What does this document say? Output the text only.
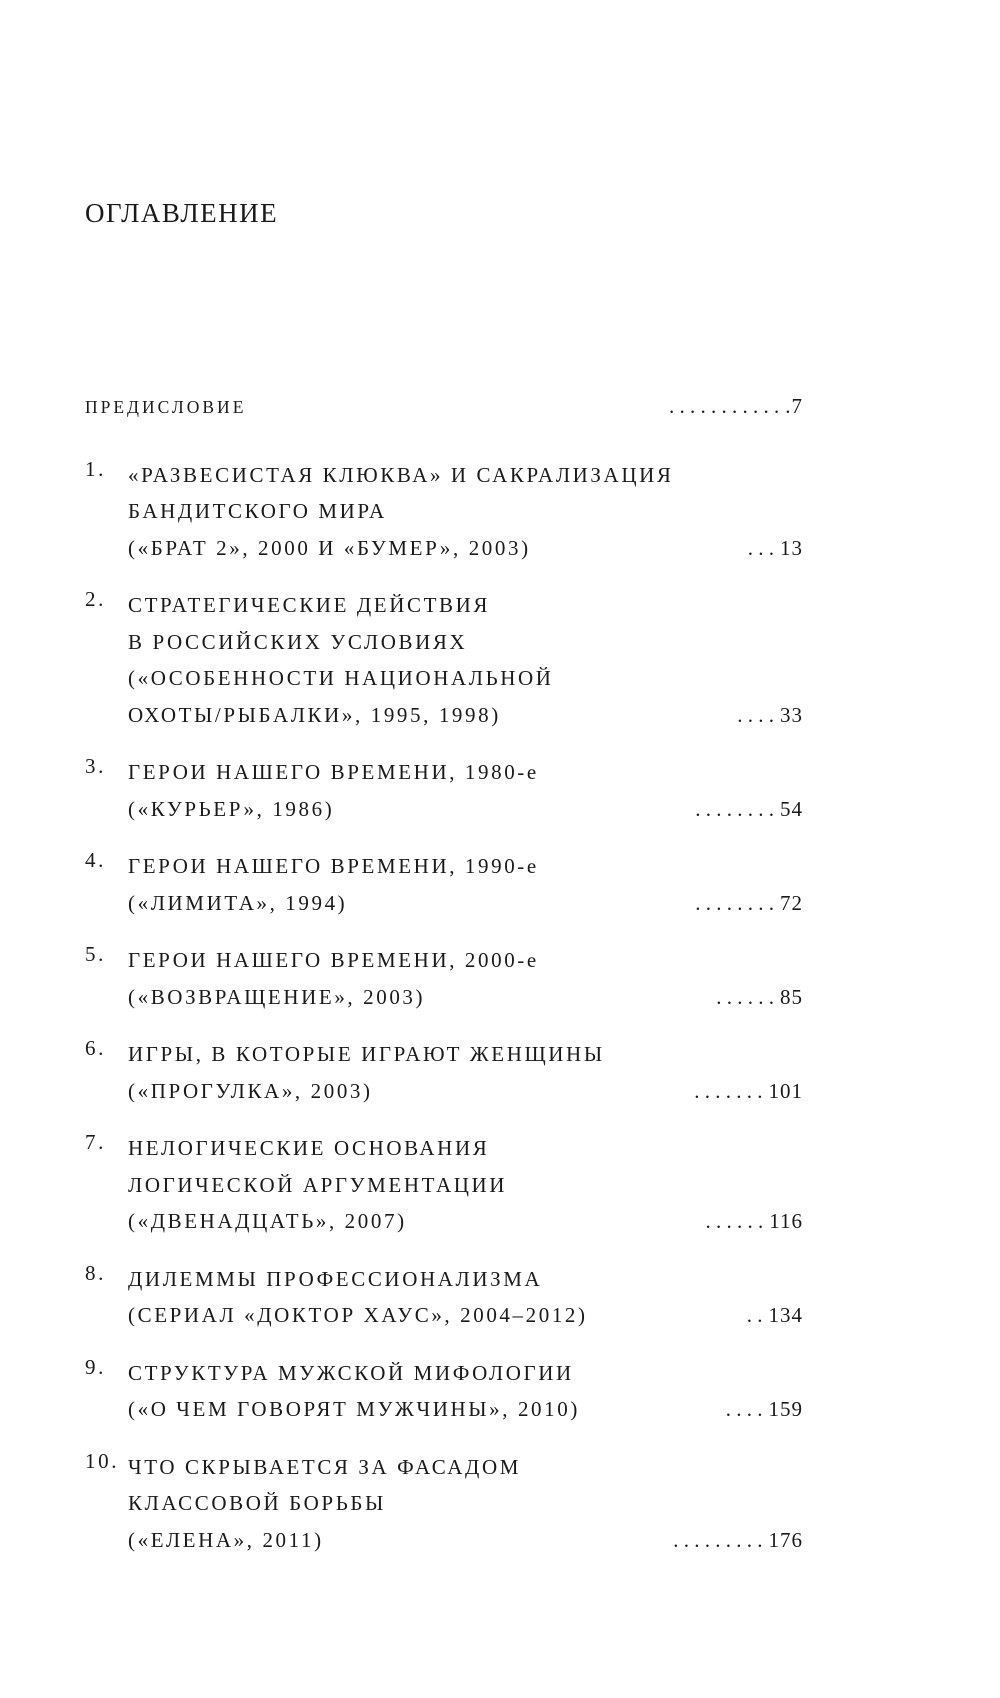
ОГЛАВЛЕНИЕ
ПРЕДИСЛОВИЕ	. . . . . . . . . . . .7
1. «РАЗВЕСИСТАЯ КЛЮКВА» И САКРАЛИЗАЦИЯ
БАНДИТСКОГО МИРА
(«БРАТ 2», 2000 И «БУМЕР», 2003)	. . . 13
2. СТРАТЕГИЧЕСКИЕ ДЕЙСТВИЯ
В РОССИЙСКИХ УСЛОВИЯХ
(«ОСОБЕННОСТИ НАЦИОНАЛЬНОЙ
ОХОТЫ/РЫБАЛКИ», 1995, 1998)	. . . . 33
3. ГЕРОИ НАШЕГО ВРЕМЕНИ, 1980-е
(«КУРЬЕР», 1986)	. . . . . . . . 54
4. ГЕРОИ НАШЕГО ВРЕМЕНИ, 1990-е
(«ЛИМИТА», 1994)	. . . . . . . . 72
5. ГЕРОИ НАШЕГО ВРЕМЕНИ, 2000-е
(«ВОЗВРАЩЕНИЕ», 2003)	. . . . . . 85
6. ИГРЫ, В КОТОРЫЕ ИГРАЮТ ЖЕНЩИНЫ
(«ПРОГУЛКА», 2003)	. . . . . . . 101
7. НЕЛОГИЧЕСКИЕ ОСНОВАНИЯ
ЛОГИЧЕСКОЙ АРГУМЕНТАЦИИ
(«ДВЕНАДЦАТЬ», 2007)	. . . . . . 116
8. ДИЛЕММЫ ПРОФЕССИОНАЛИЗМА
(СЕРИАЛ «ДОКТОР ХАУС», 2004–2012)	. . 134
9. СТРУКТУРА МУЖСКОЙ МИФОЛОГИИ
(«О ЧЕМ ГОВОРЯТ МУЖЧИНЫ», 2010)	. . . . 159
10. ЧТО СКРЫВАЕТСЯ ЗА ФАСАДОМ
КЛАССОВОЙ БОРЬБЫ
(«ЕЛЕНА», 2011)	. . . . . . . . . 176
